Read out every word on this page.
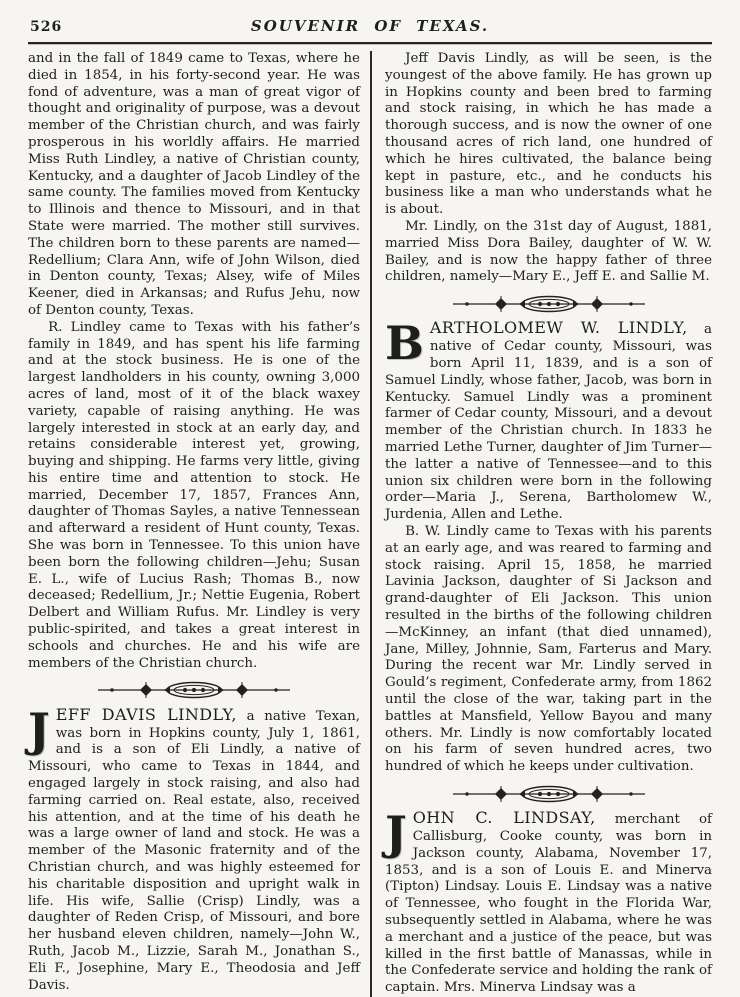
526	SOUVENIR OF TEXAS.

and in the fall of 1849 came to Texas, where he died in 1854, in his forty-second year. He was fond of adventure, was a man of great vigor of thought and originality of purpose, was a devout member of the Christian church, and was fairly prosperous in his worldly affairs. He married Miss Ruth Lindley, a native of Christian county, Kentucky, and a daughter of Jacob Lindley of the same county. The families moved from Kentucky to Illinois and thence to Missouri, and in that State were married. The mother still survives. The children born to these parents are named—Redellium; Clara Ann, wife of John Wilson, died in Denton county, Texas; Alsey, wife of Miles Keener, died in Arkansas; and Rufus Jehu, now of Denton county, Texas.

R. Lindley came to Texas with his father’s family in 1849, and has spent his life farming and at the stock business. He is one of the largest landholders in his county, owning 3,000 acres of land, most of it of the black waxey variety, capable of raising anything. He was largely interested in stock at an early day, and retains considerable interest yet, growing, buying and shipping. He farms very little, giving his entire time and attention to stock. He married, December 17, 1857, Frances Ann, daughter of Thomas Sayles, a native Tennessean and afterward a resident of Hunt county, Texas. She was born in Tennessee. To this union have been born the following children—Jehu; Susan E. L., wife of Lucius Rash; Thomas B., now deceased; Redellium, Jr.; Nettie Eugenia, Robert Delbert and William Rufus. Mr. Lindley is very public-spirited, and takes a great interest in schools and churches. He and his wife are members of the Christian church.

JEFF DAVIS LINDLY, a native Texan, was born in Hopkins county, July 1, 1861, and is a son of Eli Lindly, a native of Missouri, who came to Texas in 1844, and engaged largely in stock raising, and also had farming carried on. Real estate, also, received his attention, and at the time of his death he was a large owner of land and stock. He was a member of the Masonic fraternity and of the Christian church, and was highly esteemed for his charitable disposition and upright walk in life. His wife, Sallie (Crisp) Lindly, was a daughter of Reden Crisp, of Missouri, and bore her husband eleven children, namely—John W., Ruth, Jacob M., Lizzie, Sarah M., Jonathan S., Eli F., Josephine, Mary E., Theodosia and Jeff Davis.

Jeff Davis Lindly, as will be seen, is the youngest of the above family. He has grown up in Hopkins county and been bred to farming and stock raising, in which he has made a thorough success, and is now the owner of one thousand acres of rich land, one hundred of which he hires cultivated, the balance being kept in pasture, etc., and he conducts his business like a man who understands what he is about.

Mr. Lindly, on the 31st day of August, 1881, married Miss Dora Bailey, daughter of W. W. Bailey, and is now the happy father of three children, namely—Mary E., Jeff E. and Sallie M.

BARTHOLOMEW W. LINDLY, a native of Cedar county, Missouri, was born April 11, 1839, and is a son of Samuel Lindly, whose father, Jacob, was born in Kentucky. Samuel Lindly was a prominent farmer of Cedar county, Missouri, and a devout member of the Christian church. In 1833 he married Lethe Turner, daughter of Jim Turner—the latter a native of Tennessee—and to this union six children were born in the following order—Maria J., Serena, Bartholomew W., Jurdenia, Allen and Lethe.

B. W. Lindly came to Texas with his parents at an early age, and was reared to farming and stock raising. April 15, 1858, he married Lavinia Jackson, daughter of Si Jackson and grand-daughter of Eli Jackson. This union resulted in the births of the following children—McKinney, an infant (that died unnamed), Jane, Milley, Johnnie, Sam, Farterus and Mary. During the recent war Mr. Lindly served in Gould’s regiment, Confederate army, from 1862 until the close of the war, taking part in the battles at Mansfield, Yellow Bayou and many others. Mr. Lindly is now comfortably located on his farm of seven hundred acres, two hundred of which he keeps under cultivation.

JOHN C. LINDSAY, merchant of Callisburg, Cooke county, was born in Jackson county, Alabama, November 17, 1853, and is a son of Louis E. and Minerva (Tipton) Lindsay. Louis E. Lindsay was a native of Tennessee, who fought in the Florida War, subsequently settled in Alabama, where he was a merchant and a justice of the peace, but was killed in the first battle of Manassas, while in the Confederate service and holding the rank of captain. Mrs. Minerva Lindsay was a
